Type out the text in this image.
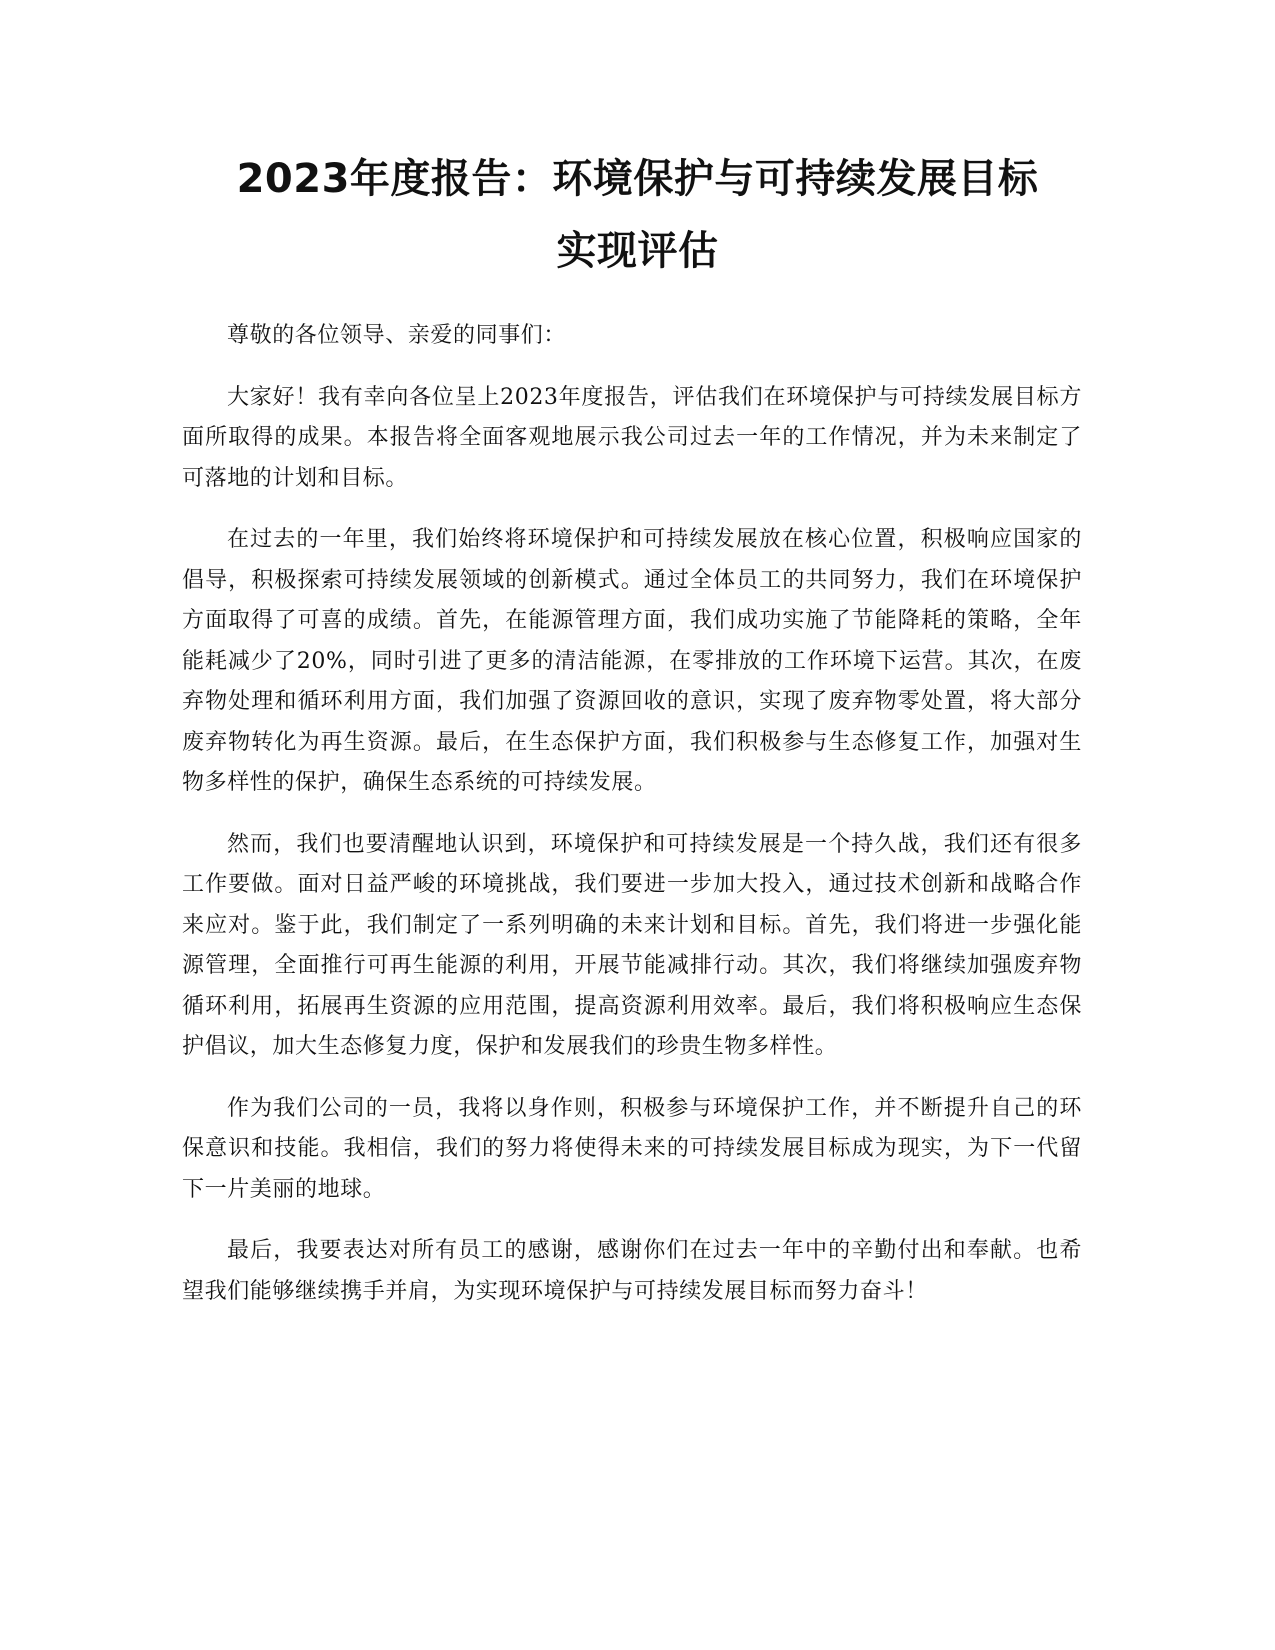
2023年度报告：环境保护与可持续发展目标
实现评估

尊敬的各位领导、亲爱的同事们：

大家好！我有幸向各位呈上2023年度报告，评估我们在环境保护与可持续发展目标方面所取得的成果。本报告将全面客观地展示我公司过去一年的工作情况，并为未来制定了可落地的计划和目标。

在过去的一年里，我们始终将环境保护和可持续发展放在核心位置，积极响应国家的倡导，积极探索可持续发展领域的创新模式。通过全体员工的共同努力，我们在环境保护方面取得了可喜的成绩。首先，在能源管理方面，我们成功实施了节能降耗的策略，全年能耗减少了20%，同时引进了更多的清洁能源，在零排放的工作环境下运营。其次，在废弃物处理和循环利用方面，我们加强了资源回收的意识，实现了废弃物零处置，将大部分废弃物转化为再生资源。最后，在生态保护方面，我们积极参与生态修复工作，加强对生物多样性的保护，确保生态系统的可持续发展。

然而，我们也要清醒地认识到，环境保护和可持续发展是一个持久战，我们还有很多工作要做。面对日益严峻的环境挑战，我们要进一步加大投入，通过技术创新和战略合作来应对。鉴于此，我们制定了一系列明确的未来计划和目标。首先，我们将进一步强化能源管理，全面推行可再生能源的利用，开展节能减排行动。其次，我们将继续加强废弃物循环利用，拓展再生资源的应用范围，提高资源利用效率。最后，我们将积极响应生态保护倡议，加大生态修复力度，保护和发展我们的珍贵生物多样性。

作为我们公司的一员，我将以身作则，积极参与环境保护工作，并不断提升自己的环保意识和技能。我相信，我们的努力将使得未来的可持续发展目标成为现实，为下一代留下一片美丽的地球。

最后，我要表达对所有员工的感谢，感谢你们在过去一年中的辛勤付出和奉献。也希望我们能够继续携手并肩，为实现环境保护与可持续发展目标而努力奋斗！
